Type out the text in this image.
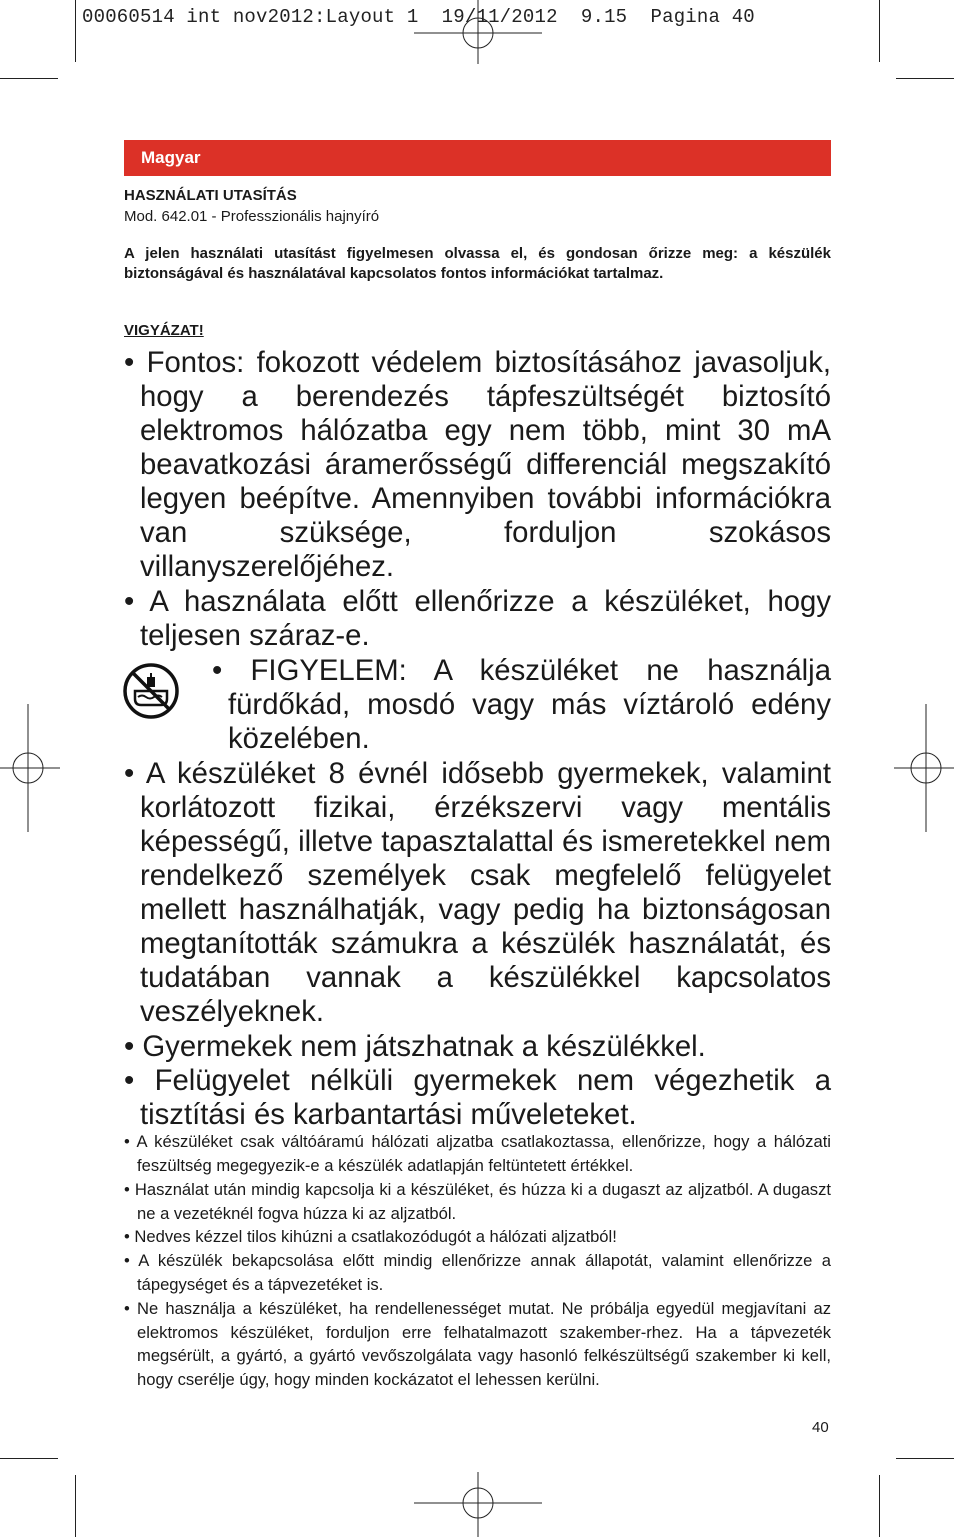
00060514 int nov2012:Layout 1  19/11/2012  9.15  Pagina 40
Magyar
HASZNÁLATI UTASÍTÁS
Mod. 642.01 - Professzionális hajnyíró
A jelen használati utasítást figyelmesen olvassa el, és gondosan őrizze meg: a készülék biztonságával és használatával kapcsolatos fontos információkat tartalmaz.
VIGYÁZAT!
• Fontos: fokozott védelem biztosításához javasoljuk, hogy a berendezés tápfeszültségét biztosító elektromos hálózatba egy nem több, mint 30 mA beavatkozási áramerősségű differenciál megszakító legyen beépítve. Amennyiben további információkra van szüksége, forduljon szokásos villanyszerelőjéhez.
• A használata előtt ellenőrizze a készüléket, hogy teljesen száraz-e.
• FIGYELEM: A készüléket ne használja fürdőkád, mosdó vagy más víztároló edény közelében.
• A készüléket 8 évnél idősebb gyermekek, valamint korlátozott fizikai, érzékszervi vagy mentális képességű, illetve tapasztalattal és ismeretekkel nem rendelkező személyek csak megfelelő felügyelet mellett használhatják, vagy pedig ha biztonságosan megtanították számukra a készülék használatát, és tudatában vannak a készülékkel kapcsolatos veszélyeknek.
• Gyermekek nem játszhatnak a készülékkel.
• Felügyelet nélküli gyermekek nem végezhetik a tisztítási és karbantartási műveleteket.
• A készüléket csak váltóáramú hálózati aljzatba csatlakoztassa, ellenőrizze, hogy a hálózati feszültség megegyezik-e a készülék adatlapján feltüntetett értékkel.
• Használat után mindig kapcsolja ki a készüléket, és húzza ki a dugaszt az aljzatból. A dugaszt ne a vezetéknél fogva húzza ki az aljzatból.
• Nedves kézzel tilos kihúzni a csatlakozódugót a hálózati aljzatból!
• A készülék bekapcsolása előtt mindig ellenőrizze annak állapotát, valamint ellenőrizze a tápegységet és a tápvezetéket is.
• Ne használja a készüléket, ha rendellenességet mutat. Ne próbálja egyedül megjavítani az elektromos készüléket, forduljon erre felhatalmazott szakember-rhez. Ha a tápvezeték megsérült, a gyártó, a gyártó vevőszolgálata vagy hasonló felkészültségű szakember ki kell, hogy cserélje úgy, hogy minden kockázatot el lehessen kerülni.
40
